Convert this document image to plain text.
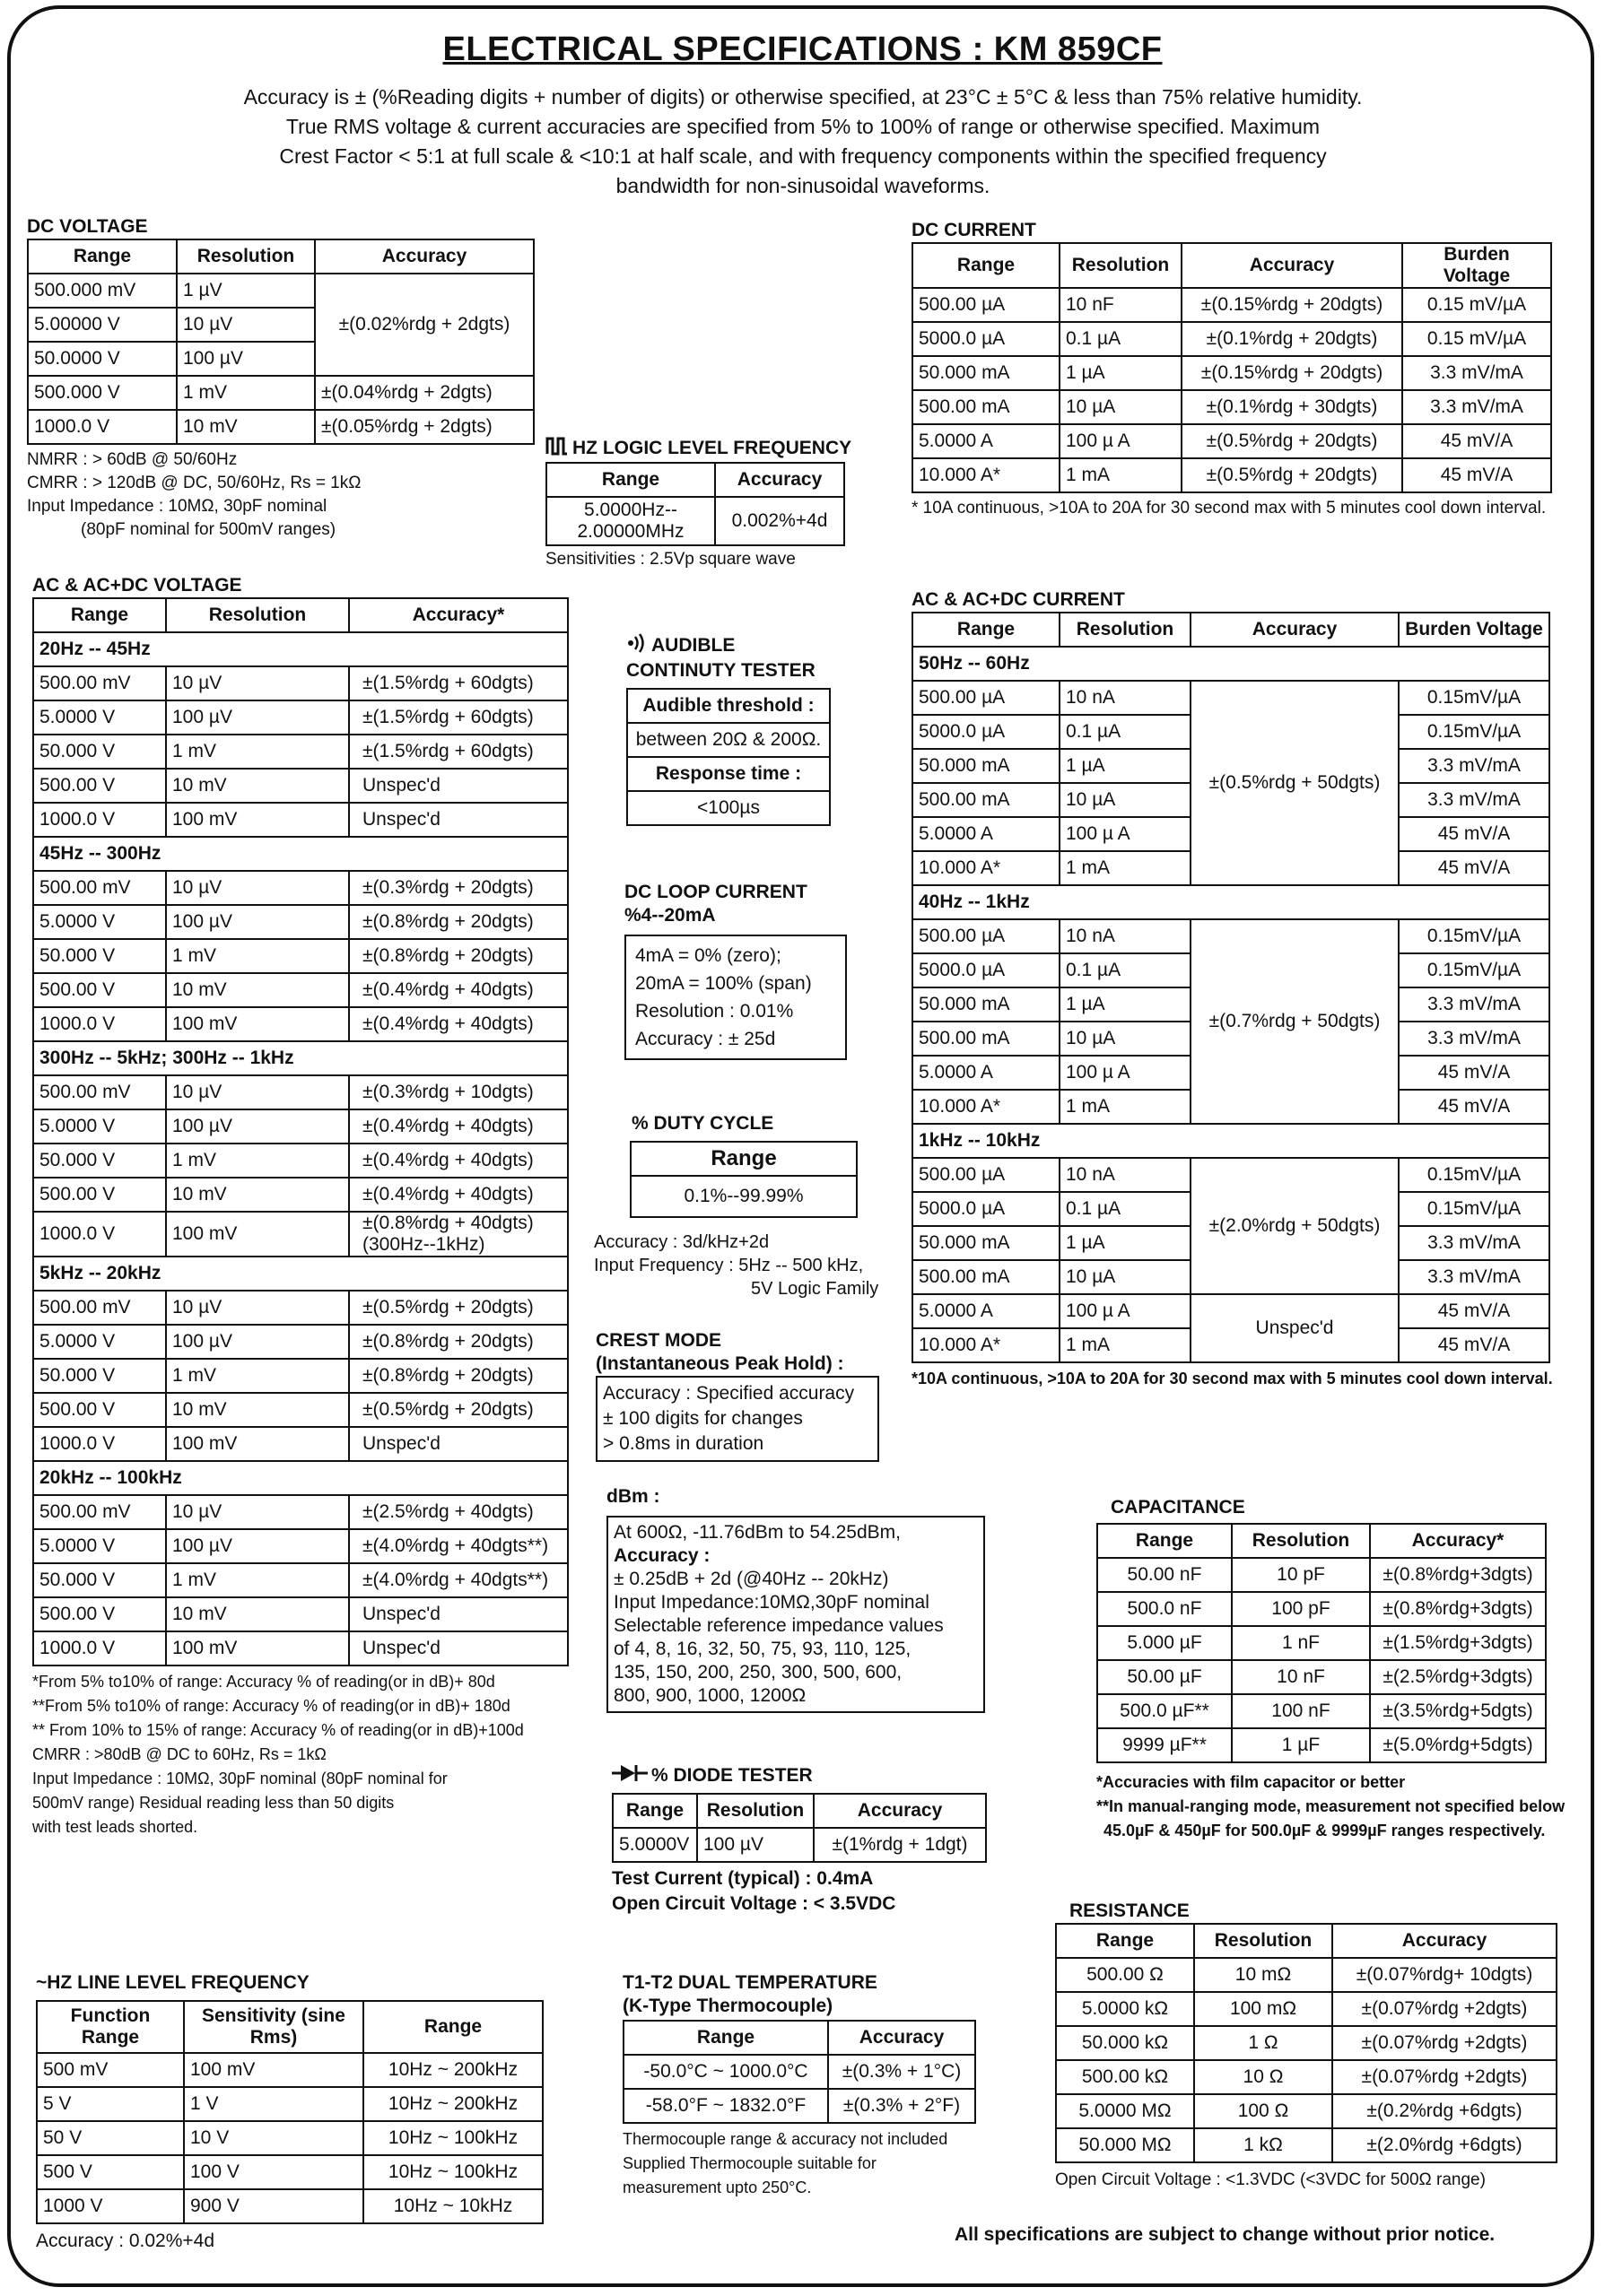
ELECTRICAL SPECIFICATIONS : KM 859CF
Accuracy is ± (%Reading digits + number of digits) or otherwise specified, at 23°C ± 5°C & less than 75% relative humidity.
True RMS voltage & current accuracies are specified from 5% to 100% of range or otherwise specified. Maximum
Crest Factor < 5:1 at full scale & <10:1 at half scale, and with frequency components within the specified frequency
bandwidth for non-sinusoidal waveforms.
DC VOLTAGE
Range	Resolution	Accuracy
500.000 mV	1 µV	±(0.02%rdg + 2dgts)
5.00000 V	10 µV	
50.0000 V	100 µV	
500.000 V	1 mV	±(0.04%rdg + 2dgts)
1000.0 V	10 mV	±(0.05%rdg + 2dgts)
NMRR : > 60dB @ 50/60Hz
CMRR : > 120dB @ DC, 50/60Hz, Rs = 1kΩ
Input Impedance : 10MΩ, 30pF nominal
(80pF nominal for 500mV ranges)
HZ LOGIC LEVEL FREQUENCY
Range	Accuracy
5.0000Hz-- 2.00000MHz	0.002%+4d
Sensitivities : 2.5Vp square wave
DC CURRENT
Range	Resolution	Accuracy	Burden Voltage
500.00 µA	10 nF	±(0.15%rdg + 20dgts)	0.15 mV/µA
5000.0 µA	0.1 µA	±(0.1%rdg + 20dgts)	0.15 mV/µA
50.000 mA	1 µA	±(0.15%rdg + 20dgts)	3.3 mV/mA
500.00 mA	10 µA	±(0.1%rdg + 30dgts)	3.3 mV/mA
5.0000 A	100 µ A	±(0.5%rdg + 20dgts)	45 mV/A
10.000 A*	1 mA	±(0.5%rdg + 20dgts)	45 mV/A
* 10A continuous, >10A to 20A for 30 second max with 5 minutes cool down interval.
AC & AC+DC VOLTAGE
Range	Resolution	Accuracy*
20Hz -- 45Hz		
500.00 mV	10 µV	±(1.5%rdg + 60dgts)
5.0000 V	100 µV	±(1.5%rdg + 60dgts)
50.000 V	1 mV	±(1.5%rdg + 60dgts)
500.00 V	10 mV	Unspec'd
1000.0 V	100 mV	Unspec'd
45Hz -- 300Hz		
500.00 mV	10 µV	±(0.3%rdg + 20dgts)
5.0000 V	100 µV	±(0.8%rdg + 20dgts)
50.000 V	1 mV	±(0.8%rdg + 20dgts)
500.00 V	10 mV	±(0.4%rdg + 40dgts)
1000.0 V	100 mV	±(0.4%rdg + 40dgts)
300Hz -- 5kHz; 300Hz -- 1kHz		
500.00 mV	10 µV	±(0.3%rdg + 10dgts)
5.0000 V	100 µV	±(0.4%rdg + 40dgts)
50.000 V	1 mV	±(0.4%rdg + 40dgts)
500.00 V	10 mV	±(0.4%rdg + 40dgts)
1000.0 V	100 mV	±(0.8%rdg + 40dgts) (300Hz--1kHz)
5kHz -- 20kHz		
500.00 mV	10 µV	±(0.5%rdg + 20dgts)
5.0000 V	100 µV	±(0.8%rdg + 20dgts)
50.000 V	1 mV	±(0.8%rdg + 20dgts)
500.00 V	10 mV	±(0.5%rdg + 20dgts)
1000.0 V	100 mV	Unspec'd
20kHz -- 100kHz		
500.00 mV	10 µV	±(2.5%rdg + 40dgts)
5.0000 V	100 µV	±(4.0%rdg + 40dgts**)
50.000 V	1 mV	±(4.0%rdg + 40dgts**)
500.00 V	10 mV	Unspec'd
1000.0 V	100 mV	Unspec'd
*From 5% to10% of range: Accuracy % of reading(or in dB)+ 80d
**From 5% to10% of range: Accuracy % of reading(or in dB)+ 180d
** From 10% to 15% of range: Accuracy % of reading(or in dB)+100d
CMRR : >80dB @ DC to 60Hz, Rs = 1kΩ
Input Impedance : 10MΩ, 30pF nominal (80pF nominal for
500mV range) Residual reading less than 50 digits
with test leads shorted.
AUDIBLE
CONTINUTY TESTER
Audible threshold :
between 20Ω & 200Ω.
Response time :
<100µs
DC LOOP CURRENT
%4--20mA
4mA = 0% (zero);
20mA = 100% (span)
Resolution : 0.01%
Accuracy : ± 25d
% DUTY CYCLE
Range
0.1%--99.99%
Accuracy : 3d/kHz+2d
Input Frequency : 5Hz -- 500 kHz,
5V Logic Family
CREST MODE
(Instantaneous Peak Hold) :
Accuracy : Specified accuracy
± 100 digits for changes
> 0.8ms in duration
AC & AC+DC CURRENT
Range	Resolution	Accuracy	Burden Voltage
50Hz -- 60Hz			
500.00 µA	10 nA	±(0.5%rdg + 50dgts)	0.15mV/µA
5000.0 µA	0.1 µA		0.15mV/µA
50.000 mA	1 µA		3.3 mV/mA
500.00 mA	10 µA		3.3 mV/mA
5.0000 A	100 µ A		45 mV/A
10.000 A*	1 mA		45 mV/A
40Hz -- 1kHz			
500.00 µA	10 nA	±(0.7%rdg + 50dgts)	0.15mV/µA
5000.0 µA	0.1 µA		0.15mV/µA
50.000 mA	1 µA		3.3 mV/mA
500.00 mA	10 µA		3.3 mV/mA
5.0000 A	100 µ A		45 mV/A
10.000 A*	1 mA		45 mV/A
1kHz -- 10kHz			
500.00 µA	10 nA	±(2.0%rdg + 50dgts)	0.15mV/µA
5000.0 µA	0.1 µA		0.15mV/µA
50.000 mA	1 µA		3.3 mV/mA
500.00 mA	10 µA		3.3 mV/mA
5.0000 A	100 µ A	Unspec'd	45 mV/A
10.000 A*	1 mA		45 mV/A
*10A continuous, >10A to 20A for 30 second max with 5 minutes cool down interval.
dBm :
At 600Ω, -11.76dBm to 54.25dBm,
Accuracy :
± 0.25dB + 2d (@40Hz -- 20kHz)
Input Impedance:10MΩ,30pF nominal
Selectable reference impedance values
of 4, 8, 16, 32, 50, 75, 93, 110, 125,
135, 150, 200, 250, 300, 500, 600,
800, 900, 1000, 1200Ω
CAPACITANCE
Range	Resolution	Accuracy*
50.00 nF	10 pF	±(0.8%rdg+3dgts)
500.0 nF	100 pF	±(0.8%rdg+3dgts)
5.000 µF	1 nF	±(1.5%rdg+3dgts)
50.00 µF	10 nF	±(2.5%rdg+3dgts)
500.0 µF**	100 nF	±(3.5%rdg+5dgts)
9999 µF**	1 µF	±(5.0%rdg+5dgts)
*Accuracies with film capacitor or better
**In manual-ranging mode, measurement not specified below
45.0µF & 450µF for 500.0µF & 9999µF ranges respectively.
% DIODE TESTER
Range	Resolution	Accuracy
5.0000V	100 µV	±(1%rdg + 1dgt)
Test Current (typical) : 0.4mA
Open Circuit Voltage : < 3.5VDC	RESISTANCE
Range	Resolution	Accuracy
500.00 Ω	10 mΩ	±(0.07%rdg+ 10dgts)
5.0000 kΩ	100 mΩ	±(0.07%rdg +2dgts)
50.000 kΩ	1 Ω	±(0.07%rdg +2dgts)
500.00 kΩ	10 Ω	±(0.07%rdg +2dgts)
5.0000 MΩ	100 Ω	±(0.2%rdg +6dgts)
50.000 MΩ	1 kΩ	±(2.0%rdg +6dgts)
Open Circuit Voltage : <1.3VDC (<3VDC for 500Ω range)
T1-T2 DUAL TEMPERATURE
(K-Type Thermocouple)
Range	Accuracy
-50.0°C ~ 1000.0°C	±(0.3% + 1°C)
-58.0°F ~ 1832.0°F	±(0.3% + 2°F)
Thermocouple range & accuracy not included
Supplied Thermocouple suitable for
measurement upto 250°C.
~HZ LINE LEVEL FREQUENCY
Function Range	Sensitivity (sine Rms)	Range
500 mV	100 mV	10Hz ~ 200kHz
5 V	1 V	10Hz ~ 200kHz
50 V	10 V	10Hz ~ 100kHz
500 V	100 V	10Hz ~ 100kHz
1000 V	900 V	10Hz ~ 10kHz
Accuracy : 0.02%+4d	All specifications are subject to change without prior notice.
